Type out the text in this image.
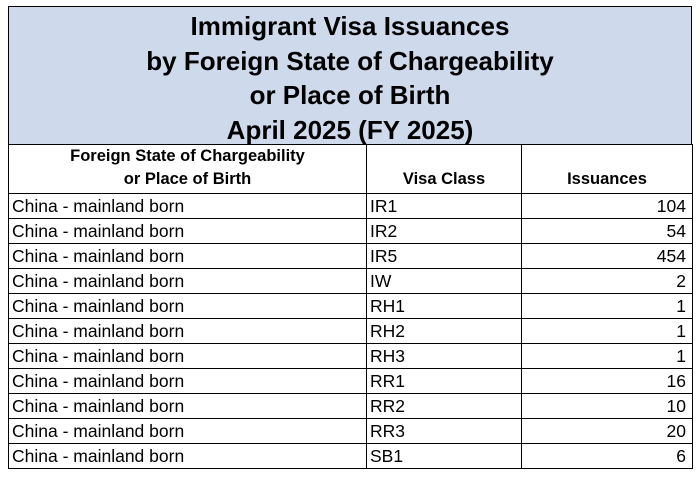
Immigrant Visa Issuances
by Foreign State of Chargeability
or Place of Birth
April 2025 (FY 2025)
Foreign State of Chargeability
or Place of Birth	Visa Class	Issuances
China - mainland born	IR1	104
China - mainland born	IR2	54
China - mainland born	IR5	454
China - mainland born	IW	2
China - mainland born	RH1	1
China - mainland born	RH2	1
China - mainland born	RH3	1
China - mainland born	RR1	16
China - mainland born	RR2	10
China - mainland born	RR3	20
China - mainland born	SB1	6
